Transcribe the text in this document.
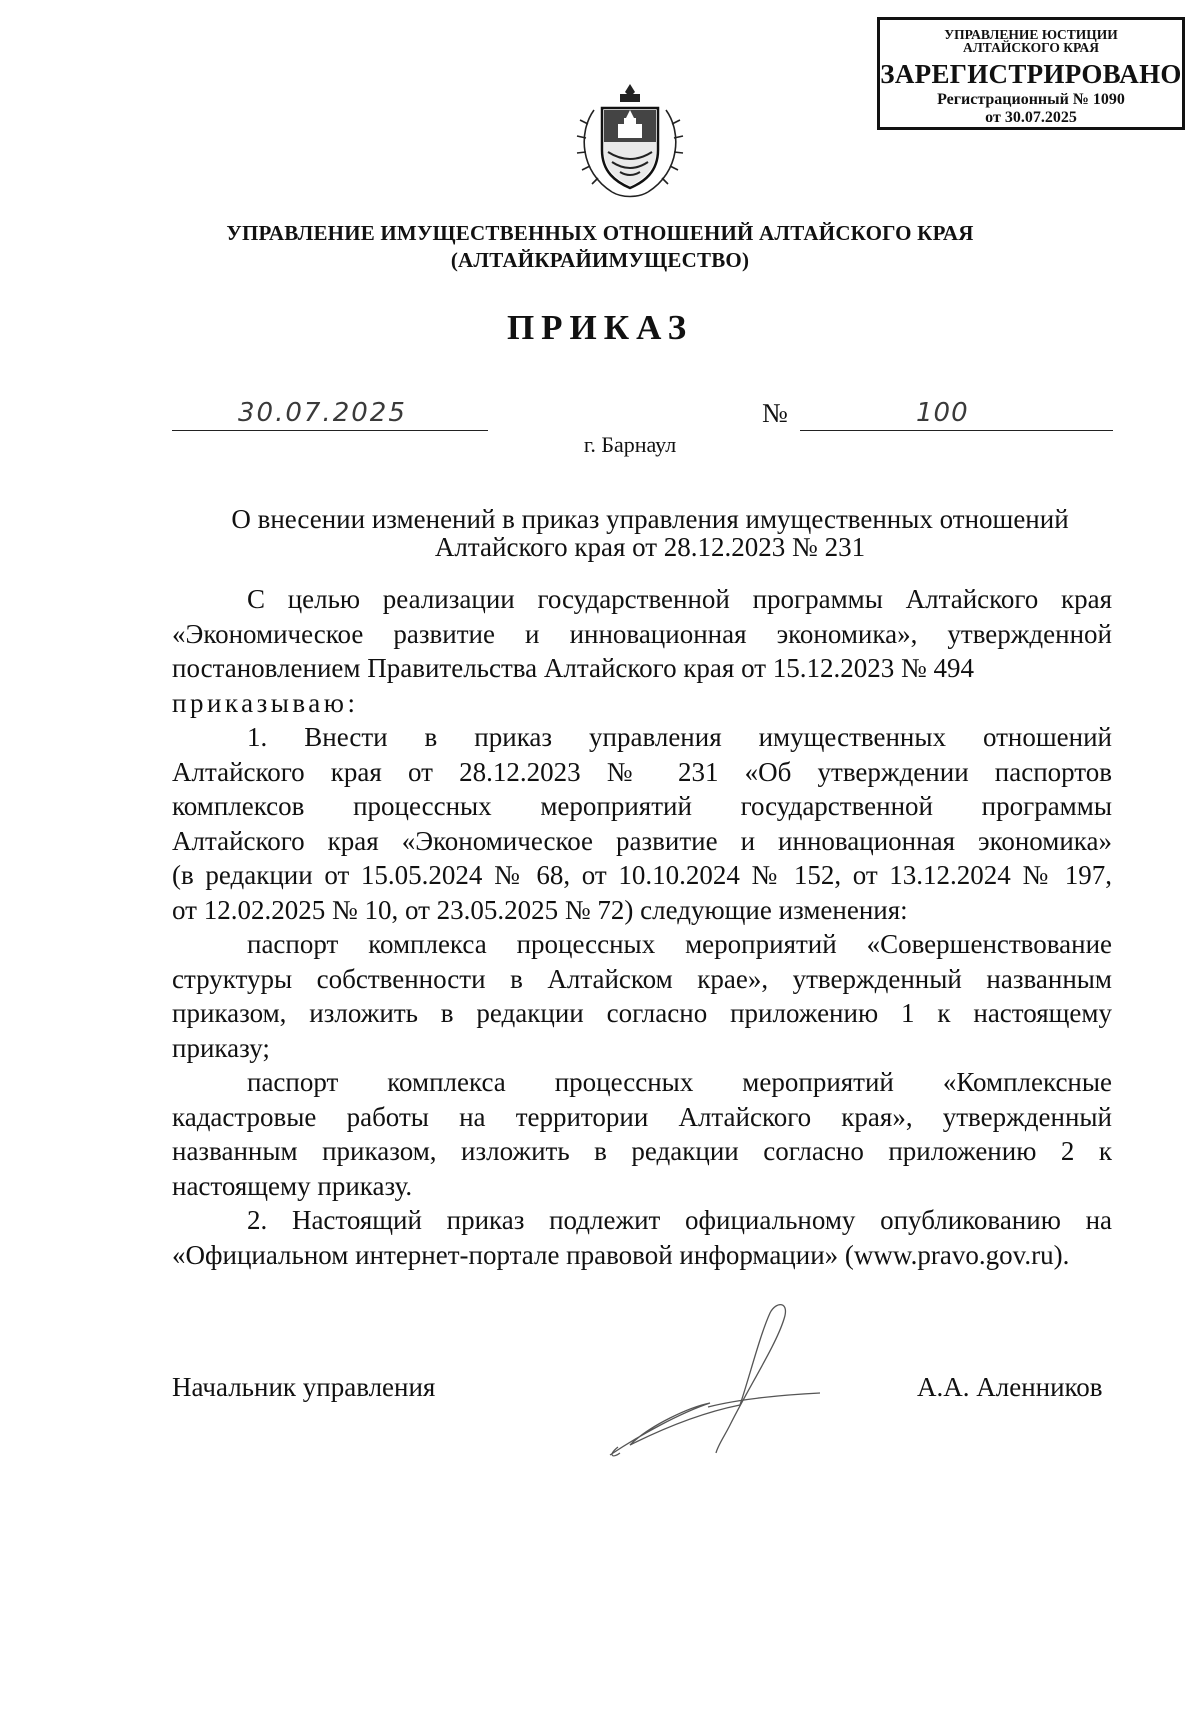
УПРАВЛЕНИЕ ЮСТИЦИИ
АЛТАЙСКОГО КРАЯ
ЗАРЕГИСТРИРОВАНО
Регистрационный № 1090
от 30.07.2025
УПРАВЛЕНИЕ ИМУЩЕСТВЕННЫХ ОТНОШЕНИЙ АЛТАЙСКОГО КРАЯ
(АЛТАЙКРАЙИМУЩЕСТВО)
ПРИКАЗ
30.07.2025	№	100
г. Барнаул
О внесении изменений в приказ управления имущественных отношений
Алтайского края от 28.12.2023 № 231

С целью реализации государственной программы Алтайского края

«Экономическое развитие и инновационная экономика», утвержденной

постановлением Правительства Алтайского края от 15.12.2023 № 494

приказываю:

1. Внести в приказ управления имущественных отношений

Алтайского края от 28.12.2023 № 231 «Об утверждении паспортов

комплексов процессных мероприятий государственной программы

Алтайского края «Экономическое развитие и инновационная экономика»

(в редакции от 15.05.2024 № 68, от 10.10.2024 № 152, от 13.12.2024 № 197,

от 12.02.2025 № 10, от 23.05.2025 № 72) следующие изменения:

паспорт комплекса процессных мероприятий «Совершенствование

структуры собственности в Алтайском крае», утвержденный названным

приказом, изложить в редакции согласно приложению 1 к настоящему

приказу;

паспорт комплекса процессных мероприятий «Комплексные

кадастровые работы на территории Алтайского края», утвержденный

названным приказом, изложить в редакции согласно приложению 2 к

настоящему приказу.

2. Настоящий приказ подлежит официальному опубликованию на

«Официальном интернет-портале правовой информации» (www.pravo.gov.ru).

Начальник управления	А.А. Аленников
